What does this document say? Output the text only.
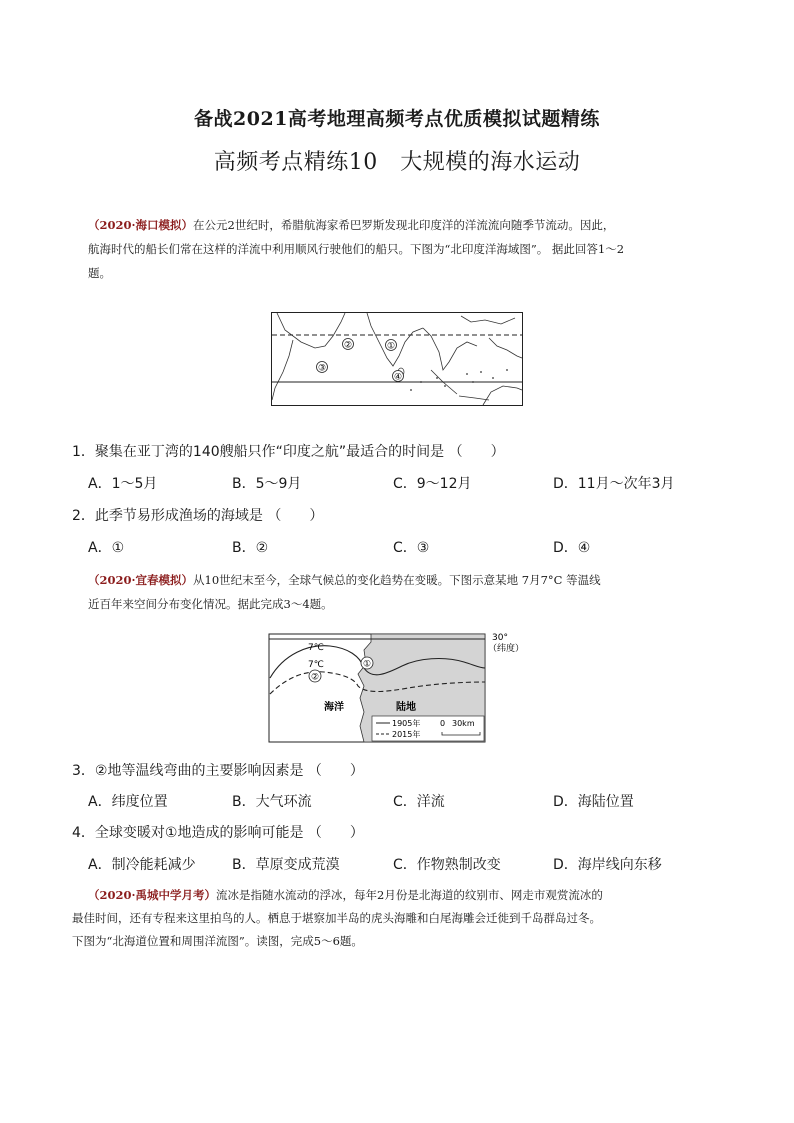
备战2021高考地理高频考点优质模拟试题精练
高频考点精练10　大规模的海水运动
（2020·海口模拟）在公元2世纪时，希腊航海家希巴罗斯发现北印度洋的洋流流向随季节流动。因此，
航海时代的船长们常在这样的洋流中利用顺风行驶他们的船只。下图为“北印度洋海域图”。 据此回答1～2
题。
②	①
③
④
1．聚集在亚丁湾的140艘船只作“印度之航”最适合的时间是 （　　）
A．1～5月	B．5～9月	C．9～12月	D．11月～次年3月
2．此季节易形成渔场的海域是 （　　）
A．①	B．②	C．③	D．④
（2020·宜春模拟）从10世纪末至今，全球气候总的变化趋势在变暖。下图示意某地 7月7°C 等温线
近百年来空间分布变化情况。据此完成3～4题。
30°
（纬度）
7℃
7℃	①
②
海洋	陆地
1905年
2015年
0 30km
3．②地等温线弯曲的主要影响因素是 （　　）
A．纬度位置	B．大气环流	C．洋流	D．海陆位置
4．全球变暖对①地造成的影响可能是 （　　）
A．制冷能耗减少	B．草原变成荒漠	C．作物熟制改变	D．海岸线向东移
（2020·禹城中学月考）流冰是指随水流动的浮冰，每年2月份是北海道的纹别市、网走市观赏流冰的
最佳时间，还有专程来这里拍鸟的人。栖息于堪察加半岛的虎头海雕和白尾海雕会迁徙到千岛群岛过冬。
下图为“北海道位置和周围洋流图”。读图，完成5～6题。
